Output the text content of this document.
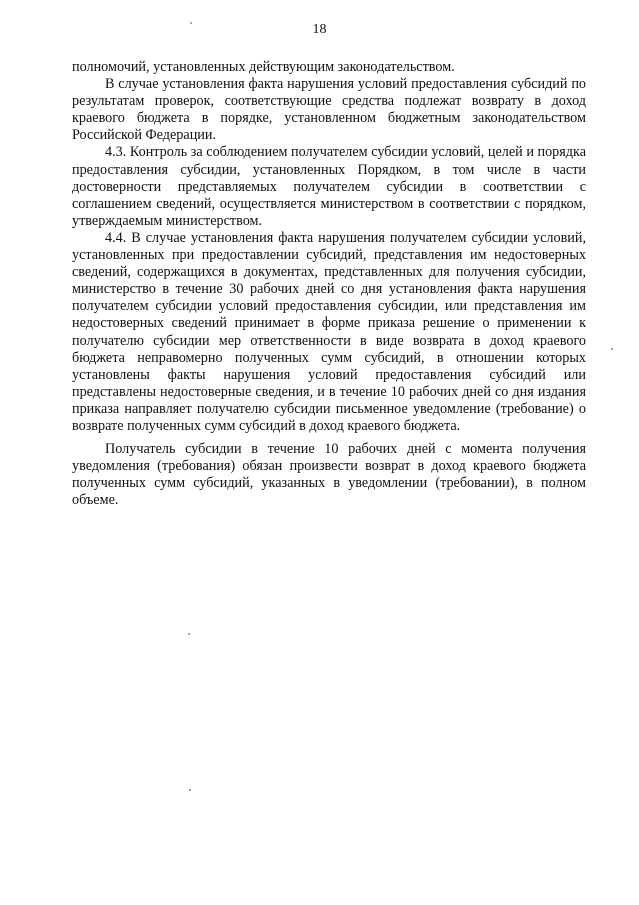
18

полномочий, установленных действующим законодательством.

В случае установления факта нарушения условий предоставления субсидий по результатам проверок, соответствующие средства подлежат возврату в доход краевого бюджета в порядке, установленном бюджетным законодательством Российской Федерации.

4.3. Контроль за соблюдением получателем субсидии условий, целей и порядка предоставления субсидии, установленных Порядком, в том числе в части достоверности представляемых получателем субсидии в соответствии с соглашением сведений, осуществляется министерством в соответствии с порядком, утверждаемым министерством.

4.4. В случае установления факта нарушения получателем субсидии условий, установленных при предоставлении субсидий, представления им недостоверных сведений, содержащихся в документах, представленных для получения субсидии, министерство в течение 30 рабочих дней со дня установления факта нарушения получателем субсидии условий предоставления субсидии, или представления им недостоверных сведений принимает в форме приказа решение о применении к получателю субсидии мер ответственности в виде возврата в доход краевого бюджета неправомерно полученных сумм субсидий, в отношении которых установлены факты нарушения условий предоставления субсидий или представлены недостоверные сведения, и в течение 10 рабочих дней со дня издания приказа направляет получателю субсидии письменное уведомление (требование) о возврате полученных сумм субсидий в доход краевого бюджета.

Получатель субсидии в течение 10 рабочих дней с момента получения уведомления (требования) обязан произвести возврат в доход краевого бюджета полученных сумм субсидий, указанных в уведомлении (требовании), в полном объеме.
